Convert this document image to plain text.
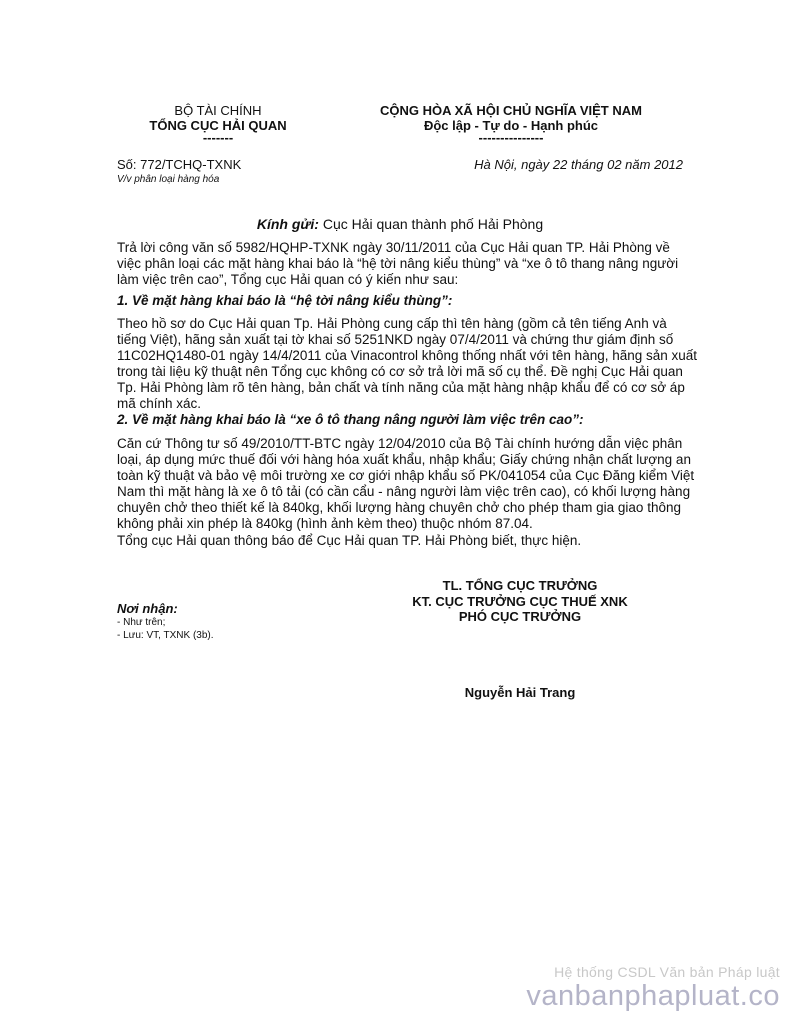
BỘ TÀI CHÍNH
TỔNG CỤC HẢI QUAN
-------
CỘNG HÒA XÃ HỘI CHỦ NGHĨA VIỆT NAM
Độc lập - Tự do - Hạnh phúc
---------------
Số: 772/TCHQ-TXNK	Hà Nội, ngày 22 tháng 02 năm 2012
V/v phân loại hàng hóa
Kính gửi: Cục Hải quan thành phố Hải Phòng
Trả lời công văn số 5982/HQHP-TXNK ngày 30/11/2011 của Cục Hải quan TP. Hải Phòng về
việc phân loại các mặt hàng khai báo là “hệ tời nâng kiểu thùng” và “xe ô tô thang nâng người
làm việc trên cao”, Tổng cục Hải quan có ý kiến như sau:
1. Về mặt hàng khai báo là “hệ tời nâng kiểu thùng”:
Theo hồ sơ do Cục Hải quan Tp. Hải Phòng cung cấp thì tên hàng (gồm cả tên tiếng Anh và
tiếng Việt), hãng sản xuất tại tờ khai số 5251NKD ngày 07/4/2011 và chứng thư giám định số
11C02HQ1480-01 ngày 14/4/2011 của Vinacontrol không thống nhất với tên hàng, hãng sản xuất
trong tài liệu kỹ thuật nên Tổng cục không có cơ sở trả lời mã số cụ thể. Đề nghị Cục Hải quan
Tp. Hải Phòng làm rõ tên hàng, bản chất và tính năng của mặt hàng nhập khẩu để có cơ sở áp
mã chính xác.
2. Về mặt hàng khai báo là “xe ô tô thang nâng người làm việc trên cao”:
Căn cứ Thông tư số 49/2010/TT-BTC ngày 12/04/2010 của Bộ Tài chính hướng dẫn việc phân
loại, áp dụng mức thuế đối với hàng hóa xuất khẩu, nhập khẩu; Giấy chứng nhận chất lượng an
toàn kỹ thuật và bảo vệ môi trường xe cơ giới nhập khẩu số PK/041054 của Cục Đăng kiểm Việt
Nam thì mặt hàng là xe ô tô tải (có cần cẩu - nâng người làm việc trên cao), có khối lượng hàng
chuyên chở theo thiết kế là 840kg, khối lượng hàng chuyên chở cho phép tham gia giao thông
không phải xin phép là 840kg (hình ảnh kèm theo) thuộc nhóm 87.04.
Tổng cục Hải quan thông báo để Cục Hải quan TP. Hải Phòng biết, thực hiện.
TL. TỔNG CỤC TRƯỞNG
KT. CỤC TRƯỞNG CỤC THUẾ XNK
PHÓ CỤC TRƯỞNG
Nguyễn Hải Trang
Nơi nhận:
- Như trên;
- Lưu: VT, TXNK (3b).
Hệ thống CSDL Văn bản Pháp luật
vanbanphapluat.co
